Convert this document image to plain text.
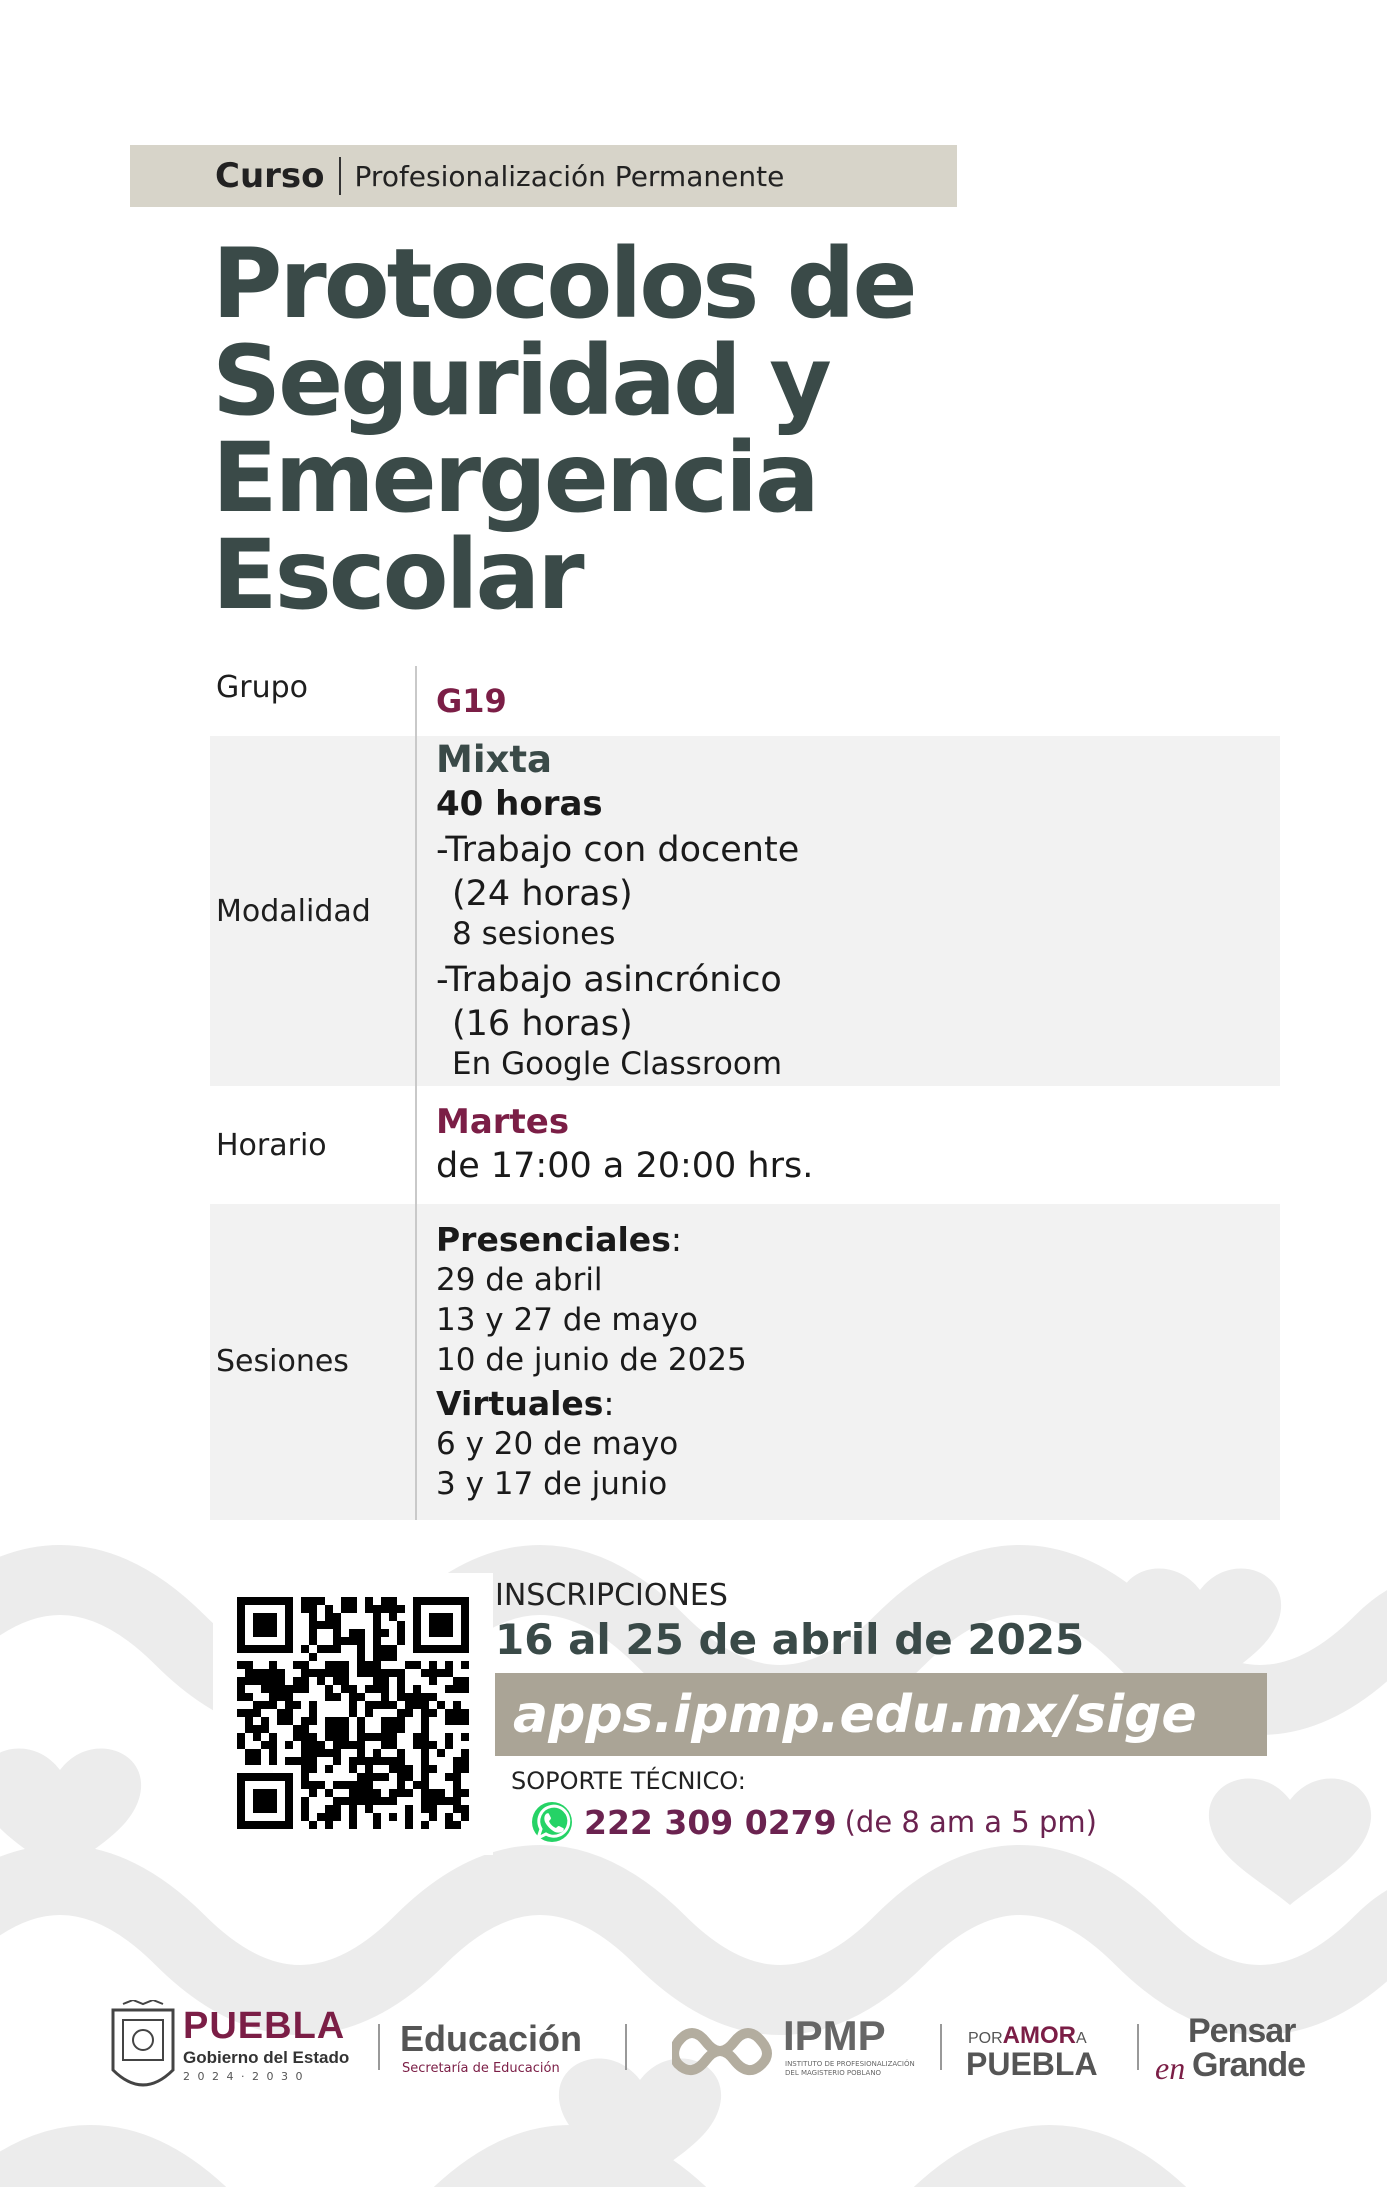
Curso Profesionalización Permanente
Protocolos de
Seguridad y
Emergencia
Escolar
Grupo	G19
Modalidad
Mixta
40 horas
-Trabajo con docente
(24 horas)
8 sesiones
-Trabajo asincrónico
(16 horas)
En Google Classroom
Horario
Martes
de 17:00 a 20:00 hrs.
Sesiones
Presenciales:
29 de abril
13 y 27 de mayo
10 de junio de 2025
Virtuales:
6 y 20 de mayo
3 y 17 de junio
INSCRIPCIONES
16 al 25 de abril de 2025
apps.ipmp.edu.mx/sige
SOPORTE TÉCNICO:
222 309 0279 (de 8 am a 5 pm)
PUEBLA
Gobierno del Estado
2 0 2 4 · 2 0 3 0
Educación
Secretaría de Educación
IPMP
INSTITUTO DE PROFESIONALIZACIÓN
DEL MAGISTERIO POBLANO
PORAMORA
PUEBLA
Pensar
en Grande
